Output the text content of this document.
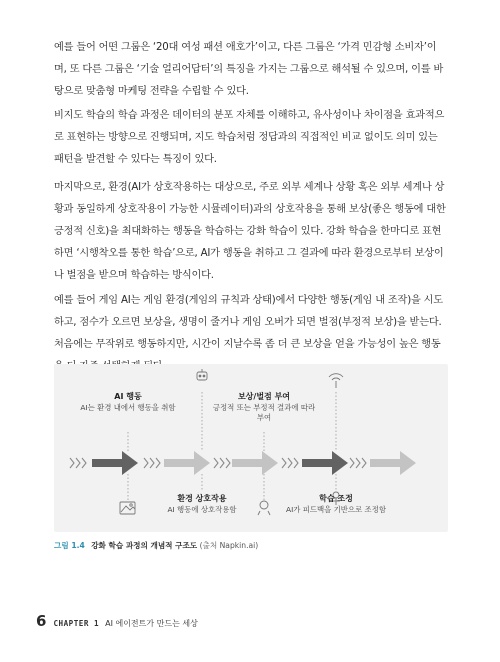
예를 들어 어떤 그룹은 ‘20대 여성 패션 애호가’이고, 다른 그룹은 ‘가격 민감형 소비자’이며, 또 다른 그룹은 ‘기술 얼리어답터’의 특징을 가지는 그룹으로 해석될 수 있으며, 이를 바탕으로 맞춤형 마케팅 전략을 수립할 수 있다.

비지도 학습의 학습 과정은 데이터의 분포 자체를 이해하고, 유사성이나 차이점을 효과적으로 표현하는 방향으로 진행되며, 지도 학습처럼 정답과의 직접적인 비교 없이도 의미 있는 패턴을 발견할 수 있다는 특징이 있다.

마지막으로, 환경(AI가 상호작용하는 대상으로, 주로 외부 세계나 상황 혹은 외부 세계나 상황과 동일하게 상호작용이 가능한 시뮬레이터)과의 상호작용을 통해 보상(좋은 행동에 대한 긍정적 신호)을 최대화하는 행동을 학습하는 강화 학습이 있다. 강화 학습을 한마디로 표현하면 ‘시행착오를 통한 학습’으로, AI가 행동을 취하고 그 결과에 따라 환경으로부터 보상이나 벌점을 받으며 학습하는 방식이다.

예를 들어 게임 AI는 게임 환경(게임의 규칙과 상태)에서 다양한 행동(게임 내 조작)을 시도하고, 점수가 오르면 보상을, 생명이 줄거나 게임 오버가 되면 벌점(부정적 보상)을 받는다. 처음에는 무작위로 행동하지만, 시간이 지날수록 좀 더 큰 보상을 얻을 가능성이 높은 행동

AI 행동
AI는 환경 내에서 행동을 취함
환경 상호작용
AI 행동에 상호작용함
보상/벌점 부여
긍정적 또는 부정적 결과에 따라 부여
학습 조정
AI가 피드백을 기반으로 조정함
그림 1.4 강화 학습 과정의 개념적 구조도 (출처 Napkin.ai)
6 CHAPTER 1 AI 에이전트가 만드는 세상
